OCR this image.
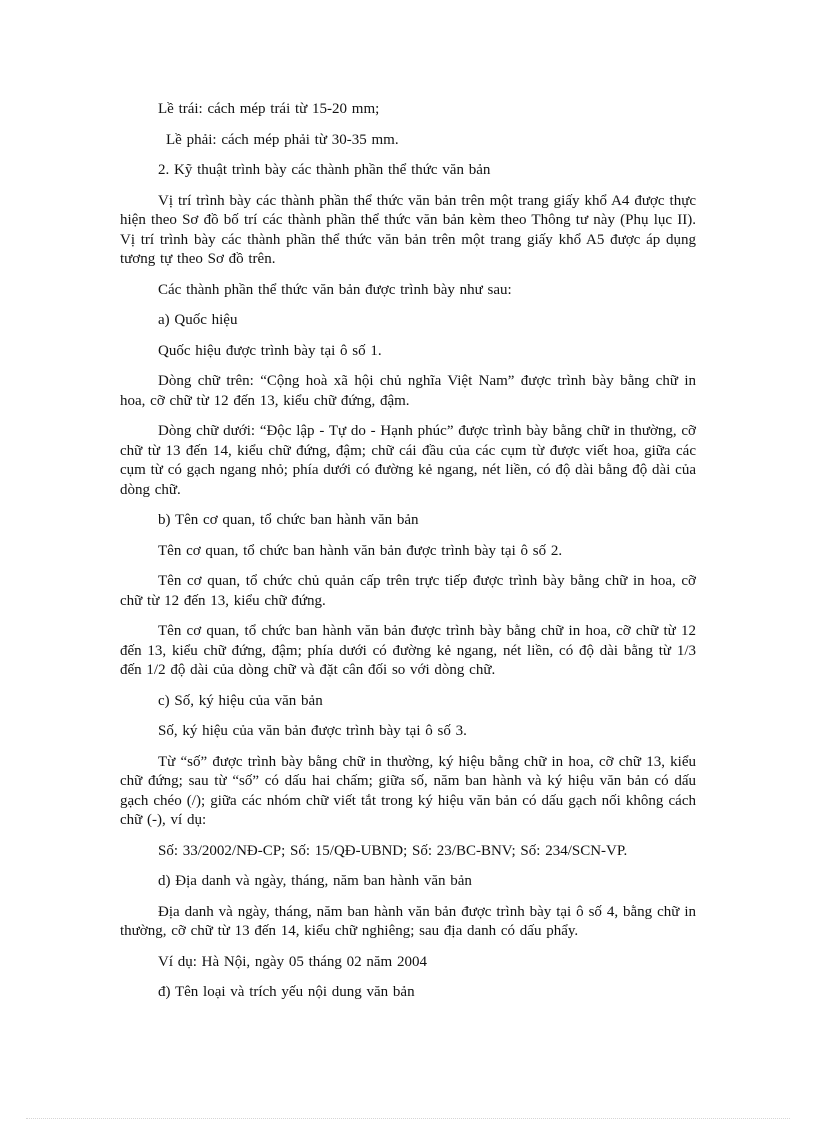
Lề trái: cách mép trái từ 15-20 mm;

Lề phải: cách mép phải từ 30-35 mm.

2. Kỹ thuật trình bày các thành phần thể thức văn bản

Vị trí trình bày các thành phần thể thức văn bản trên một trang giấy khổ A4 được thực hiện theo Sơ đồ bố trí các thành phần thể thức văn bản kèm theo Thông tư này (Phụ lục II). Vị trí trình bày các thành phần thể thức văn bản trên một trang giấy khổ A5 được áp dụng tương tự theo Sơ đồ trên.

Các thành phần thể thức văn bản được trình bày như sau:

a) Quốc hiệu

Quốc hiệu được trình bày tại ô số 1.

Dòng chữ trên: “Cộng hoà xã hội chủ nghĩa Việt Nam” được trình bày bằng chữ in hoa, cỡ chữ từ 12 đến 13, kiểu chữ đứng, đậm.

Dòng chữ dưới: “Độc lập - Tự do - Hạnh phúc” được trình bày bằng chữ in thường, cỡ chữ từ 13 đến 14, kiểu chữ đứng, đậm; chữ cái đầu của các cụm từ được viết hoa, giữa các cụm từ có gạch ngang nhỏ; phía dưới có đường kẻ ngang, nét liền, có độ dài bằng độ dài của dòng chữ.

b) Tên cơ quan, tổ chức ban hành văn bản

Tên cơ quan, tổ chức ban hành văn bản được trình bày tại ô số 2.

Tên cơ quan, tổ chức chủ quản cấp trên trực tiếp được trình bày bằng chữ in hoa, cỡ chữ từ 12 đến 13, kiểu chữ đứng.

Tên cơ quan, tổ chức ban hành văn bản được trình bày bằng chữ in hoa, cỡ chữ từ 12 đến 13, kiểu chữ đứng, đậm; phía dưới có đường kẻ ngang, nét liền, có độ dài bằng từ 1/3 đến 1/2 độ dài của dòng chữ và đặt cân đối so với dòng chữ.

c) Số, ký hiệu của văn bản

Số, ký hiệu của văn bản được trình bày tại ô số 3.

Từ “số” được trình bày bằng chữ in thường, ký hiệu bằng chữ in hoa, cỡ chữ 13, kiểu chữ đứng; sau từ “số” có dấu hai chấm; giữa số, năm ban hành và ký hiệu văn bản có dấu gạch chéo (/); giữa các nhóm chữ viết tắt trong ký hiệu văn bản có dấu gạch nối không cách chữ (-), ví dụ:

Số: 33/2002/NĐ-CP; Số: 15/QĐ-UBND; Số: 23/BC-BNV; Số: 234/SCN-VP.

d) Địa danh và ngày, tháng, năm ban hành văn bản

Địa danh và ngày, tháng, năm ban hành văn bản được trình bày tại ô số 4, bằng chữ in thường, cỡ chữ từ 13 đến 14, kiểu chữ nghiêng; sau địa danh có dấu phẩy.

Ví dụ: Hà Nội, ngày 05 tháng 02 năm 2004

đ) Tên loại và trích yếu nội dung văn bản
